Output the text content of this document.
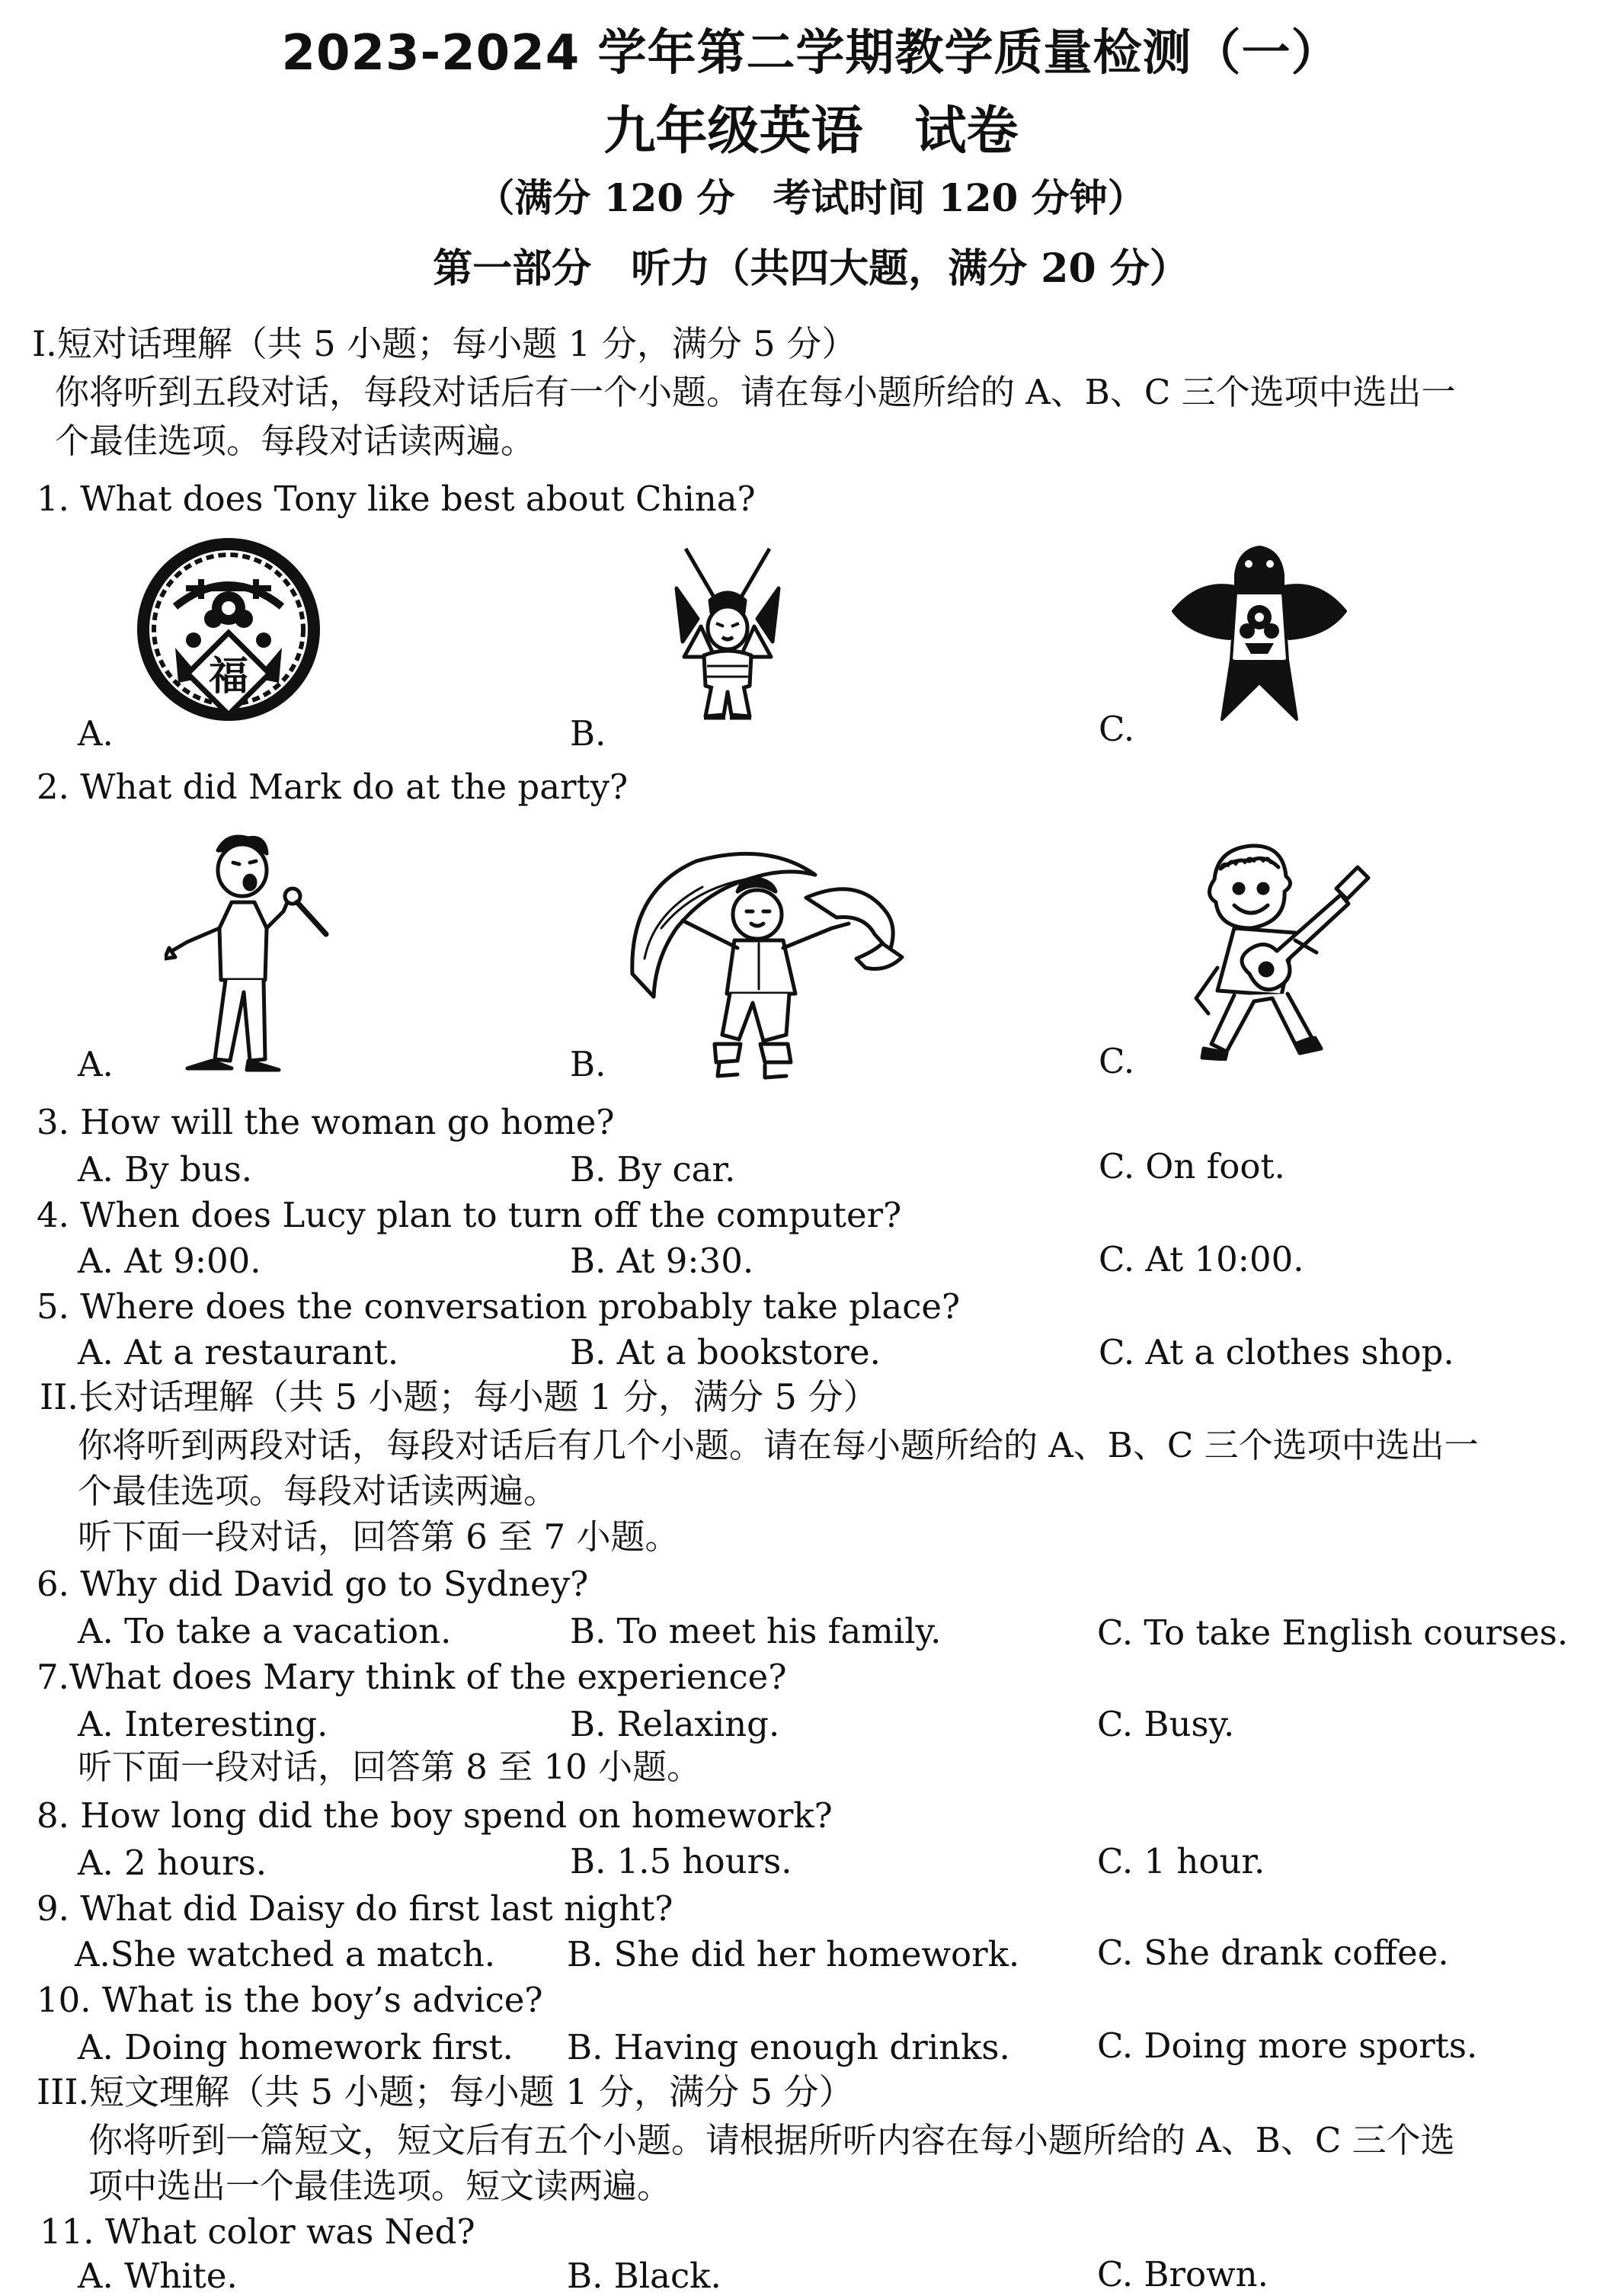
2023-2024 学年第二学期教学质量检测（一）
九年级英语　试卷
（满分 120 分　考试时间 120 分钟）
第一部分　听力（共四大题，满分 20 分）
I.短对话理解（共 5 小题；每小题 1 分，满分 5 分）
你将听到五段对话，每段对话后有一个小题。请在每小题所给的 A、B、C 三个选项中选出一
个最佳选项。每段对话读两遍。
1. What does Tony like best about China?
福
A.	B.	C.
2. What did Mark do at the party?
A.	B.	C.
3. How will the woman go home?
A. By bus.	B. By car.	C. On foot.
4. When does Lucy plan to turn off the computer?
A. At 9:00.	B. At 9:30.	C. At 10:00.
5. Where does the conversation probably take place?
A. At a restaurant.	B. At a bookstore.	C. At a clothes shop.
II.长对话理解（共 5 小题；每小题 1 分，满分 5 分）
你将听到两段对话，每段对话后有几个小题。请在每小题所给的 A、B、C 三个选项中选出一
个最佳选项。每段对话读两遍。
听下面一段对话，回答第 6 至 7 小题。
6. Why did David go to Sydney?
A. To take a vacation.	B. To meet his family.	C. To take English courses.
7.What does Mary think of the experience?
A. Interesting.	B. Relaxing.	C. Busy.
听下面一段对话，回答第 8 至 10 小题。
8. How long did the boy spend on homework?
A. 2 hours.	B. 1.5 hours.	C. 1 hour.
9. What did Daisy do first last night?
A.She watched a match. B. She did her homework. C. She drank coffee.
10. What is the boy’s advice?
A. Doing homework first. B. Having enough drinks.	C. Doing more sports.
III.短文理解（共 5 小题；每小题 1 分，满分 5 分）
你将听到一篇短文，短文后有五个小题。请根据所听内容在每小题所给的 A、B、C 三个选
项中选出一个最佳选项。短文读两遍。
11. What color was Ned?
A. White.	B. Black.	C. Brown.
